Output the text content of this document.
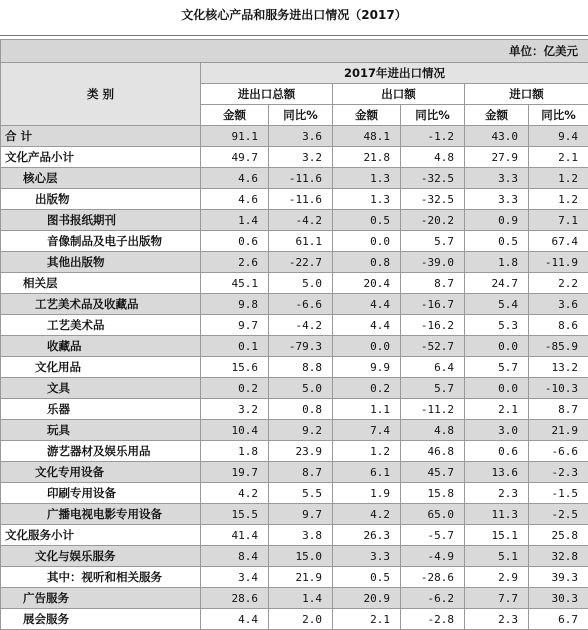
文化核心产品和服务进出口情况（2017）
单位：亿美元						
类 别	2017年进出口情况					
	进出口总额		出口额		进口额	
	金额	同比%	金额	同比%	金额	同比%
合 计	91.1	3.6	48.1	-1.2	43.0	9.4
文化产品小计	49.7	3.2	21.8	4.8	27.9	2.1
核心层	4.6	-11.6	1.3	-32.5	3.3	1.2
出版物	4.6	-11.6	1.3	-32.5	3.3	1.2
图书报纸期刊	1.4	-4.2	0.5	-20.2	0.9	7.1
音像制品及电子出版物	0.6	61.1	0.0	5.7	0.5	67.4
其他出版物	2.6	-22.7	0.8	-39.0	1.8	-11.9
相关层	45.1	5.0	20.4	8.7	24.7	2.2
工艺美术品及收藏品	9.8	-6.6	4.4	-16.7	5.4	3.6
工艺美术品	9.7	-4.2	4.4	-16.2	5.3	8.6
收藏品	0.1	-79.3	0.0	-52.7	0.0	-85.9
文化用品	15.6	8.8	9.9	6.4	5.7	13.2
文具	0.2	5.0	0.2	5.7	0.0	-10.3
乐器	3.2	0.8	1.1	-11.2	2.1	8.7
玩具	10.4	9.2	7.4	4.8	3.0	21.9
游艺器材及娱乐用品	1.8	23.9	1.2	46.8	0.6	-6.6
文化专用设备	19.7	8.7	6.1	45.7	13.6	-2.3
印刷专用设备	4.2	5.5	1.9	15.8	2.3	-1.5
广播电视电影专用设备	15.5	9.7	4.2	65.0	11.3	-2.5
文化服务小计	41.4	3.8	26.3	-5.7	15.1	25.8
文化与娱乐服务	8.4	15.0	3.3	-4.9	5.1	32.8
其中：视听和相关服务	3.4	21.9	0.5	-28.6	2.9	39.3
广告服务	28.6	1.4	20.9	-6.2	7.7	30.3
展会服务	4.4	2.0	2.1	-2.8	2.3	6.7
